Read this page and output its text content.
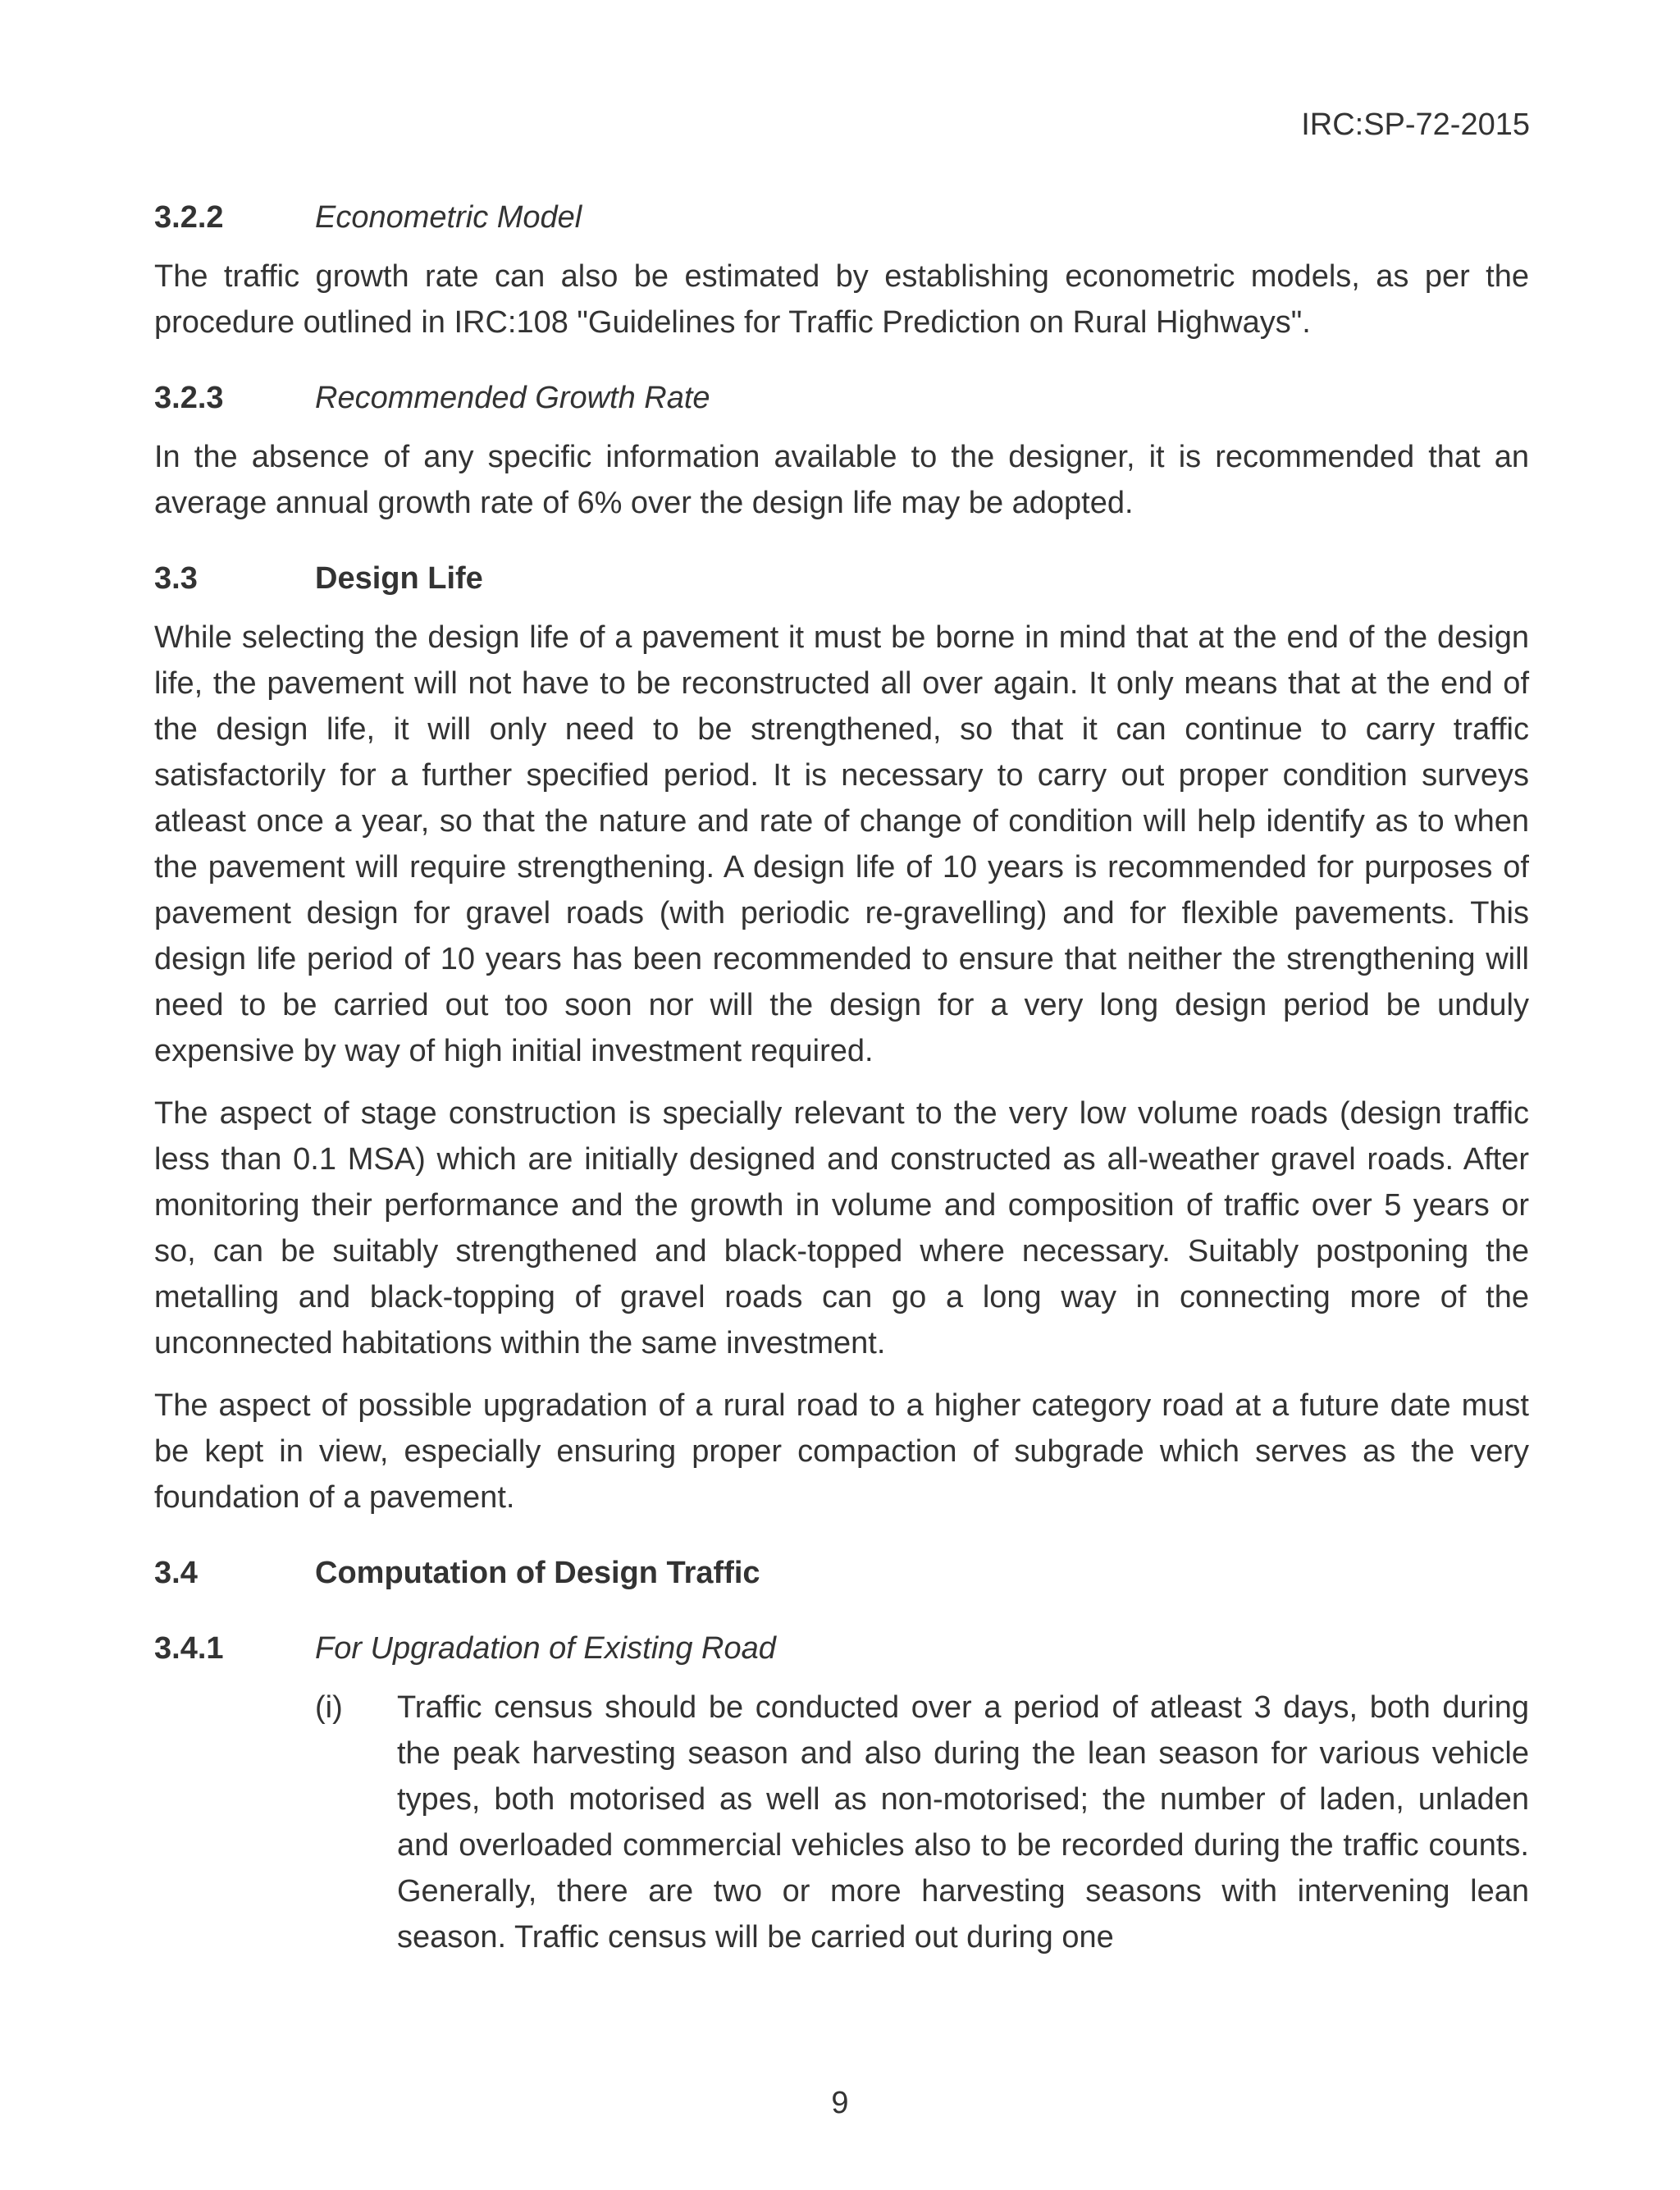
IRC:SP-72-2015
3.2.2	Econometric Model

The traffic growth rate can also be estimated by establishing econometric models, as per the procedure outlined in IRC:108 "Guidelines for Traffic Prediction on Rural Highways".

3.2.3	Recommended Growth Rate

In the absence of any specific information available to the designer, it is recommended that an average annual growth rate of 6% over the design life may be adopted.

3.3	Design Life

While selecting the design life of a pavement it must be borne in mind that at the end of the design life, the pavement will not have to be reconstructed all over again. It only means that at the end of the design life, it will only need to be strengthened, so that it can continue to carry traffic satisfactorily for a further specified period. It is necessary to carry out proper condition surveys atleast once a year, so that the nature and rate of change of condition will help identify as to when the pavement will require strengthening. A design life of 10 years is recommended for purposes of pavement design for gravel roads (with periodic re-gravelling) and for flexible pavements. This design life period of 10 years has been recommended to ensure that neither the strengthening will need to be carried out too soon nor will the design for a very long design period be unduly expensive by way of high initial investment required.

The aspect of stage construction is specially relevant to the very low volume roads (design traffic less than 0.1 MSA) which are initially designed and constructed as all-weather gravel roads. After monitoring their performance and the growth in volume and composition of traffic over 5 years or so, can be suitably strengthened and black-topped where necessary. Suitably postponing the metalling and black-topping of gravel roads can go a long way in connecting more of the unconnected habitations within the same investment.

The aspect of possible upgradation of a rural road to a higher category road at a future date must be kept in view, especially ensuring proper compaction of subgrade which serves as the very foundation of a pavement.

3.4	Computation of Design Traffic
3.4.1	For Upgradation of Existing Road
(i)	Traffic census should be conducted over a period of atleast 3 days, both during the peak harvesting season and also during the lean season for various vehicle types, both motorised as well as non-motorised; the number of laden, unladen and overloaded commercial vehicles also to be recorded during the traffic counts. Generally, there are two or more harvesting seasons with intervening lean season. Traffic census will be carried out during one
9
